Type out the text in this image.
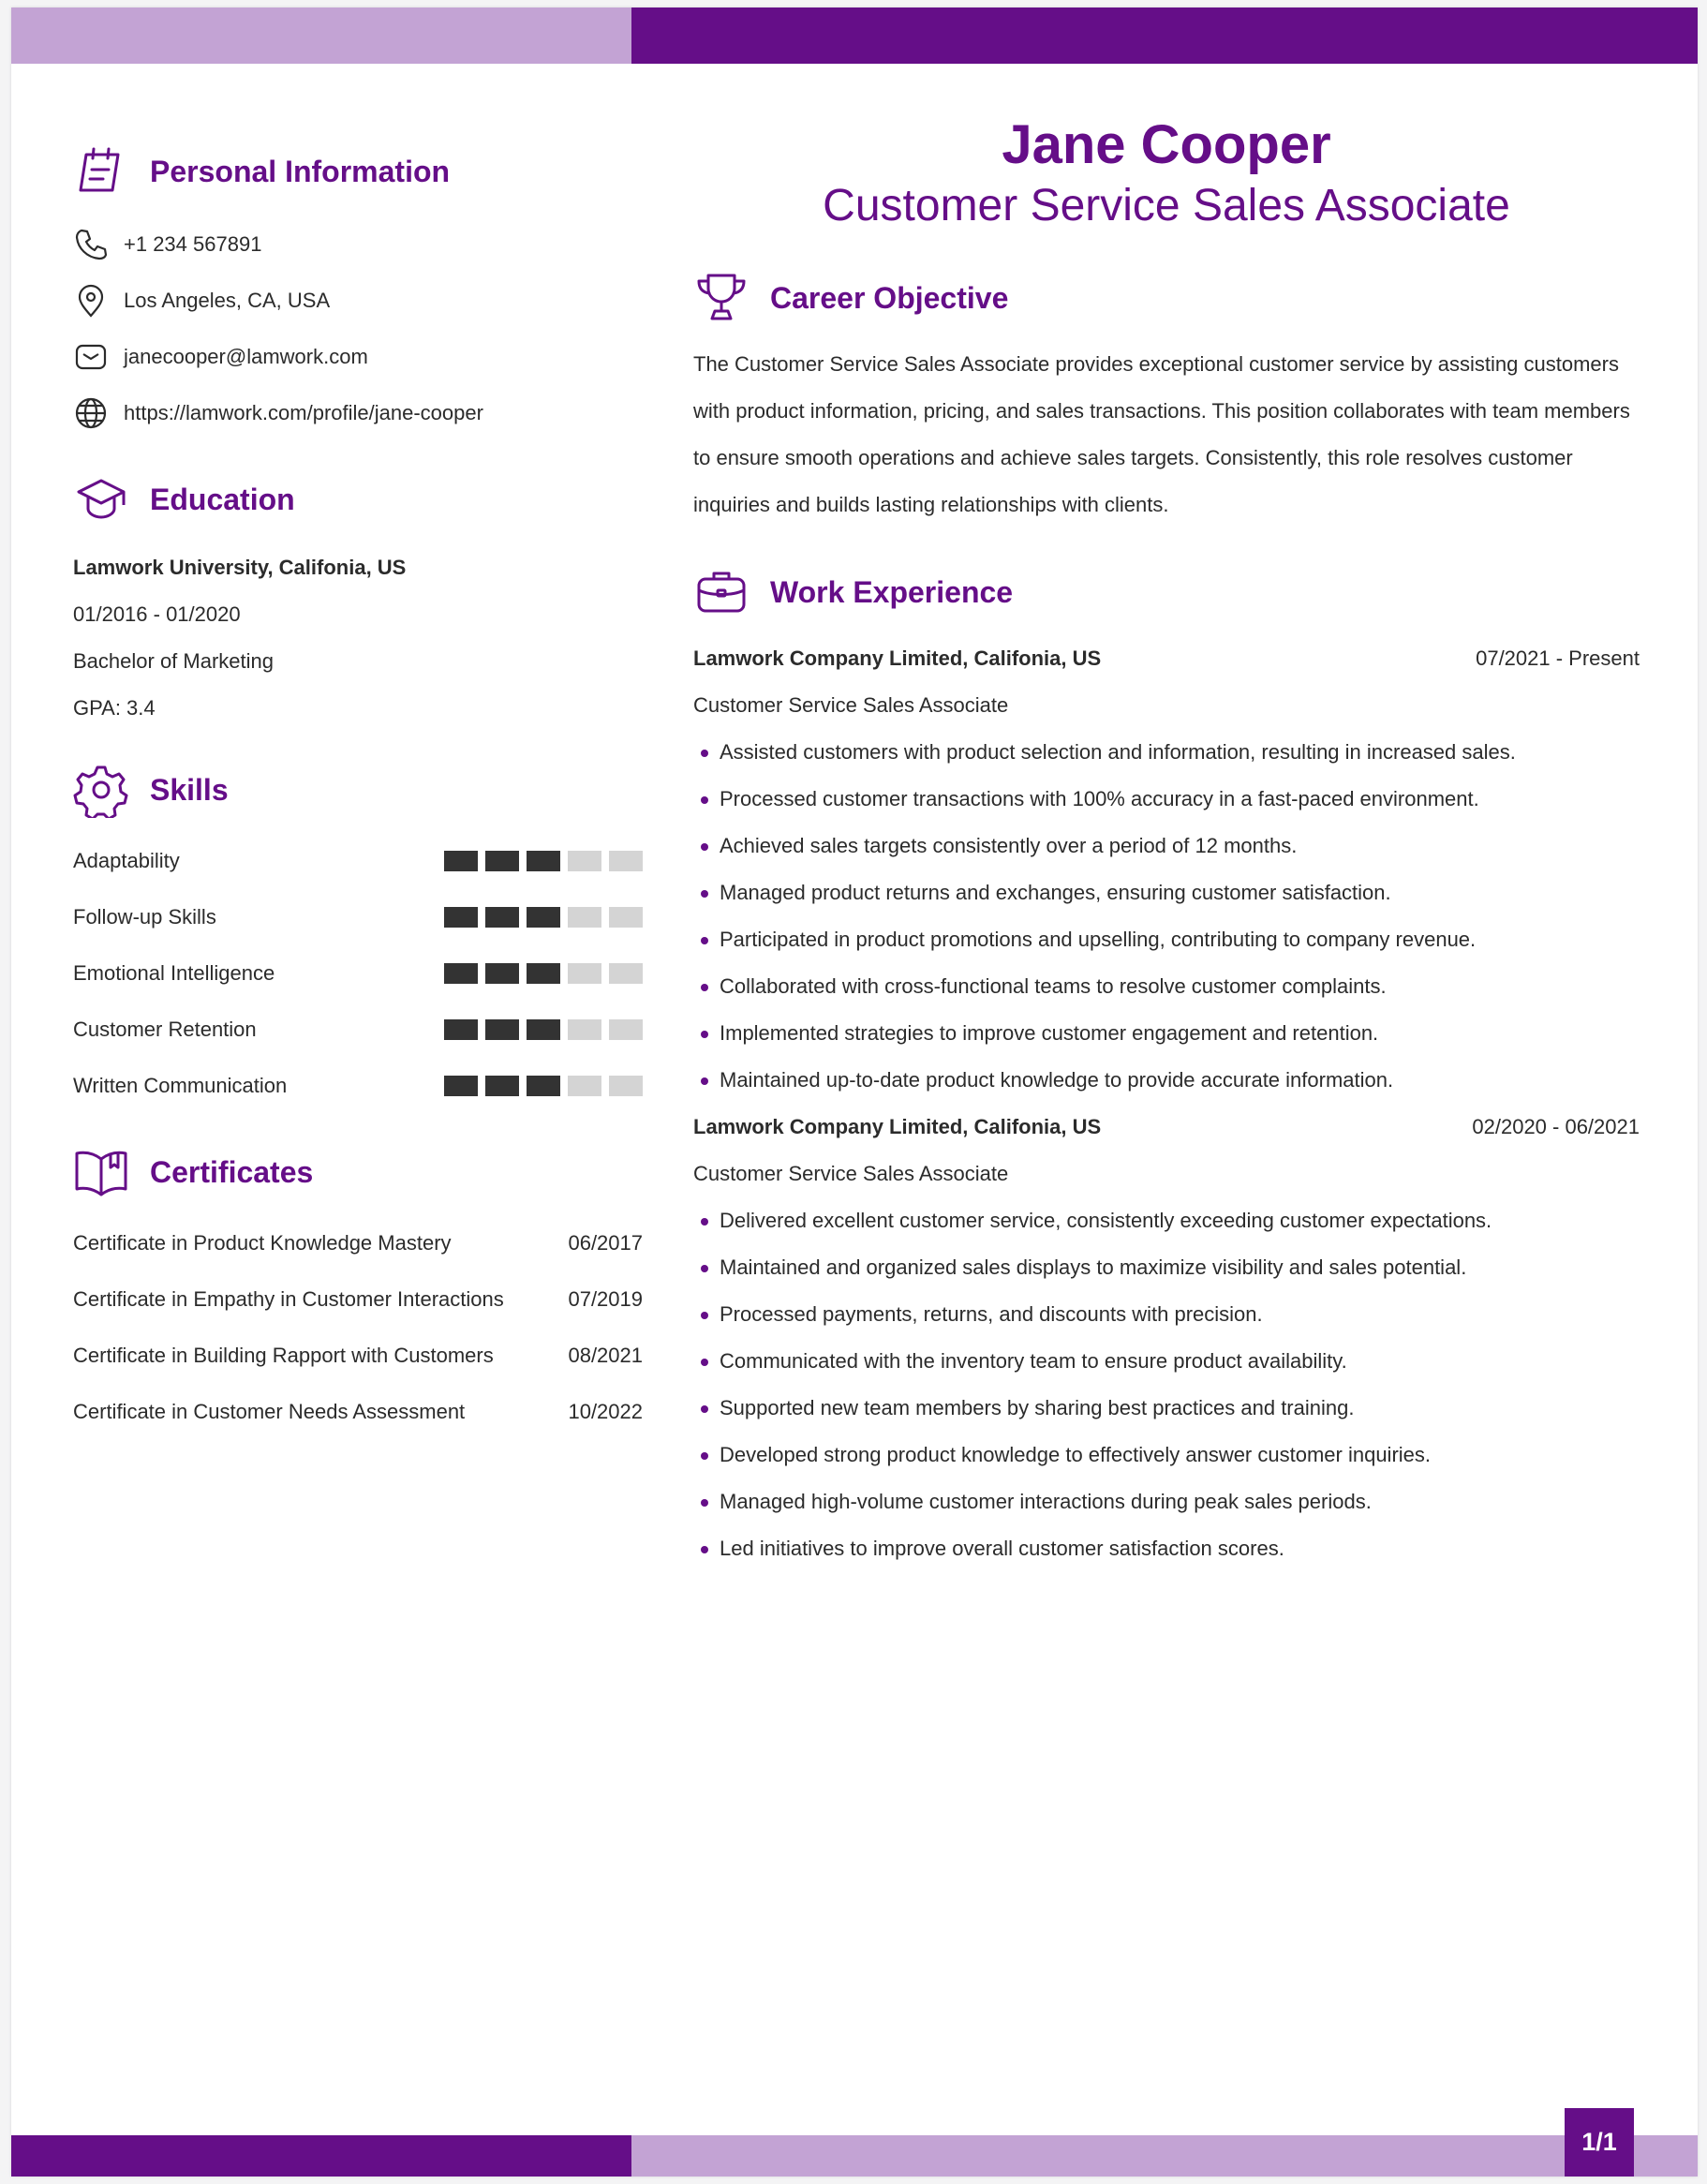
Personal Information
+1 234 567891
Los Angeles, CA, USA
janecooper@lamwork.com
https://lamwork.com/profile/jane-cooper
Education
Lamwork University, Califonia, US
01/2016 - 01/2020
Bachelor of Marketing
GPA: 3.4
Skills
Adaptability
Follow-up Skills
Emotional Intelligence
Customer Retention
Written Communication
Certificates
Certificate in Product Knowledge Mastery	06/2017
Certificate in Empathy in Customer Interactions	07/2019
Certificate in Building Rapport with Customers	08/2021
Certificate in Customer Needs Assessment	10/2022
Jane Cooper
Customer Service Sales Associate
Career Objective
The Customer Service Sales Associate provides exceptional customer service by assisting customers
with product information, pricing, and sales transactions. This position collaborates with team members
to ensure smooth operations and achieve sales targets. Consistently, this role resolves customer
inquiries and builds lasting relationships with clients.
Work Experience
Lamwork Company Limited, Califonia, US	07/2021 - Present
Customer Service Sales Associate
Assisted customers with product selection and information, resulting in increased sales.
Processed customer transactions with 100% accuracy in a fast-paced environment.
Achieved sales targets consistently over a period of 12 months.
Managed product returns and exchanges, ensuring customer satisfaction.
Participated in product promotions and upselling, contributing to company revenue.
Collaborated with cross-functional teams to resolve customer complaints.
Implemented strategies to improve customer engagement and retention.
Maintained up-to-date product knowledge to provide accurate information.
Lamwork Company Limited, Califonia, US	02/2020 - 06/2021
Customer Service Sales Associate
Delivered excellent customer service, consistently exceeding customer expectations.
Maintained and organized sales displays to maximize visibility and sales potential.
Processed payments, returns, and discounts with precision.
Communicated with the inventory team to ensure product availability.
Supported new team members by sharing best practices and training.
Developed strong product knowledge to effectively answer customer inquiries.
Managed high-volume customer interactions during peak sales periods.
Led initiatives to improve overall customer satisfaction scores.
1/1
